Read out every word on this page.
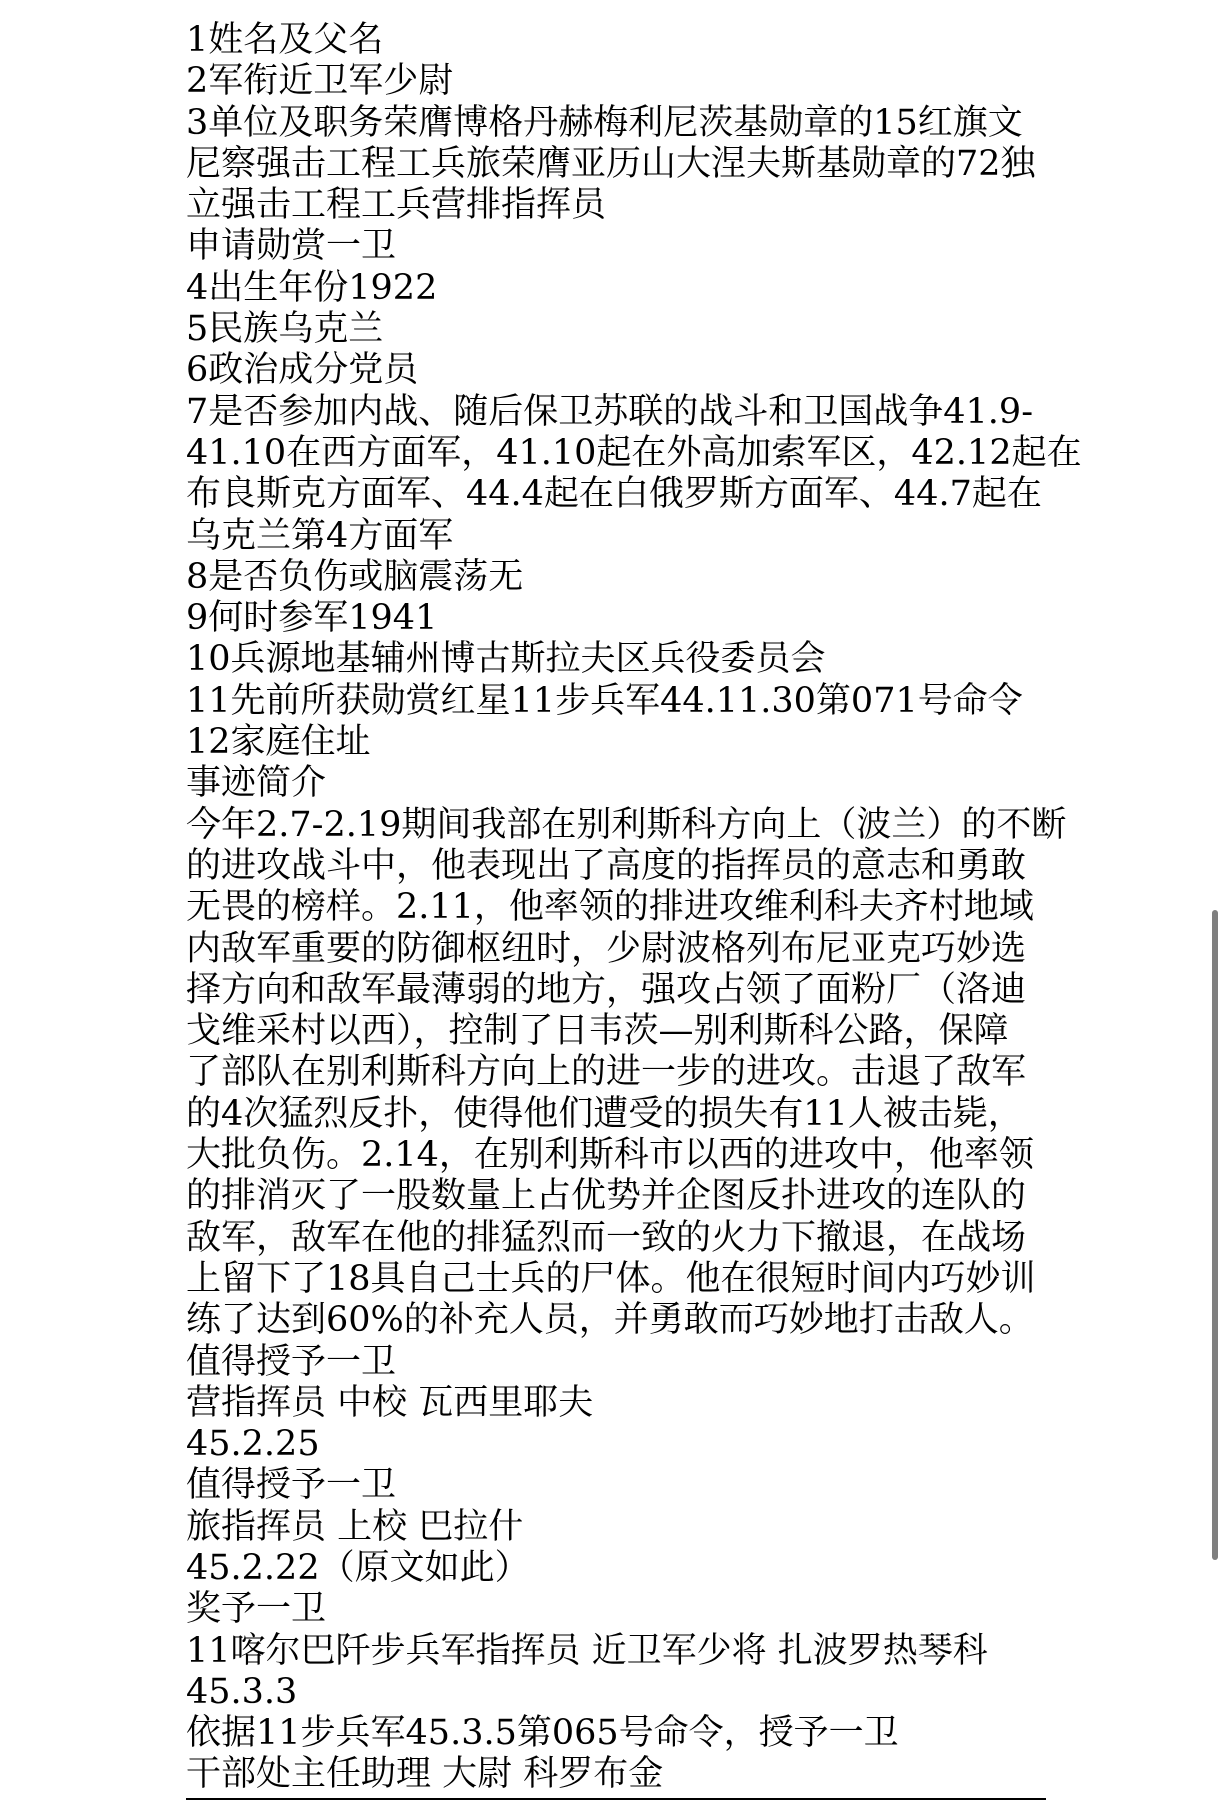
1姓名及父名
2军衔近卫军少尉
3单位及职务荣膺博格丹赫梅利尼茨基勋章的15红旗文
尼察强击工程工兵旅荣膺亚历山大涅夫斯基勋章的72独
立强击工程工兵营排指挥员
申请勋赏一卫
4出生年份1922
5民族乌克兰
6政治成分党员
7是否参加内战、随后保卫苏联的战斗和卫国战争41.9-
41.10在西方面军，41.10起在外高加索军区，42.12起在
布良斯克方面军、44.4起在白俄罗斯方面军、44.7起在
乌克兰第4方面军
8是否负伤或脑震荡无
9何时参军1941
10兵源地基辅州博古斯拉夫区兵役委员会
11先前所获勋赏红星11步兵军44.11.30第071号命令
12家庭住址
事迹简介
今年2.7-2.19期间我部在别利斯科方向上（波兰）的不断
的进攻战斗中，他表现出了高度的指挥员的意志和勇敢
无畏的榜样。2.11，他率领的排进攻维利科夫齐村地域
内敌军重要的防御枢纽时，少尉波格列布尼亚克巧妙选
择方向和敌军最薄弱的地方，强攻占领了面粉厂（洛迪
戈维采村以西），控制了日韦茨—别利斯科公路，保障
了部队在别利斯科方向上的进一步的进攻。击退了敌军
的4次猛烈反扑，使得他们遭受的损失有11人被击毙，
大批负伤。2.14，在别利斯科市以西的进攻中，他率领
的排消灭了一股数量上占优势并企图反扑进攻的连队的
敌军，敌军在他的排猛烈而一致的火力下撤退，在战场
上留下了18具自己士兵的尸体。他在很短时间内巧妙训
练了达到60%的补充人员，并勇敢而巧妙地打击敌人。
值得授予一卫
营指挥员 中校 瓦西里耶夫
45.2.25
值得授予一卫
旅指挥员 上校 巴拉什
45.2.22（原文如此）
奖予一卫
11喀尔巴阡步兵军指挥员 近卫军少将 扎波罗热琴科
45.3.3
依据11步兵军45.3.5第065号命令，授予一卫
干部处主任助理 大尉 科罗布金
